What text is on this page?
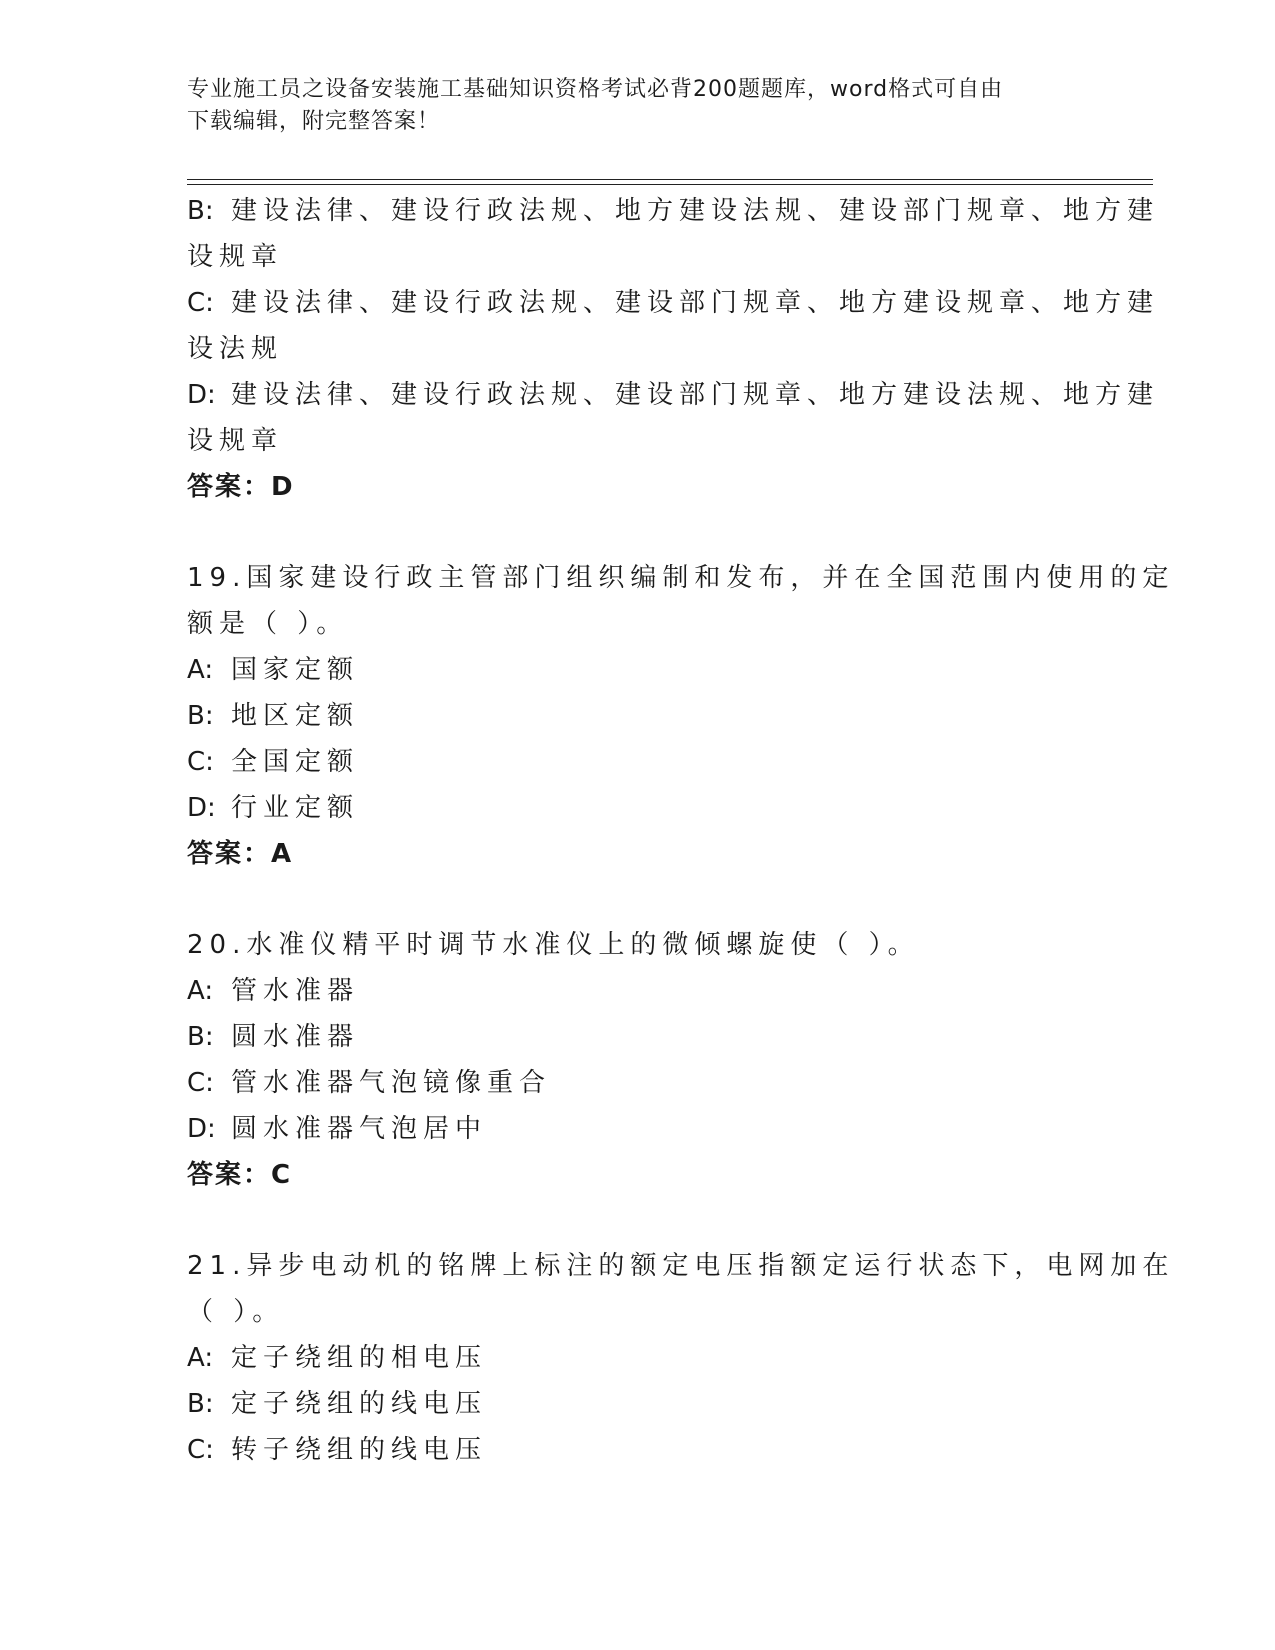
专业施工员之设备安装施工基础知识资格考试必背200题题库，word格式可自由
下载编辑，附完整答案！
B: 建设法律、建设行政法规、地方建设法规、建设部门规章、地方建
设规章
C: 建设法律、建设行政法规、建设部门规章、地方建设规章、地方建
设法规
D: 建设法律、建设行政法规、建设部门规章、地方建设法规、地方建
设规章
答案：D
19.国家建设行政主管部门组织编制和发布，并在全国范围内使用的定
额是（ ）。
A: 国家定额
B: 地区定额
C: 全国定额
D: 行业定额
答案：A
20.水准仪精平时调节水准仪上的微倾螺旋使（ ）。
A: 管水准器
B: 圆水准器
C: 管水准器气泡镜像重合
D: 圆水准器气泡居中
答案：C
21.异步电动机的铭牌上标注的额定电压指额定运行状态下，电网加在
（ ）。
A: 定子绕组的相电压
B: 定子绕组的线电压
C: 转子绕组的线电压
